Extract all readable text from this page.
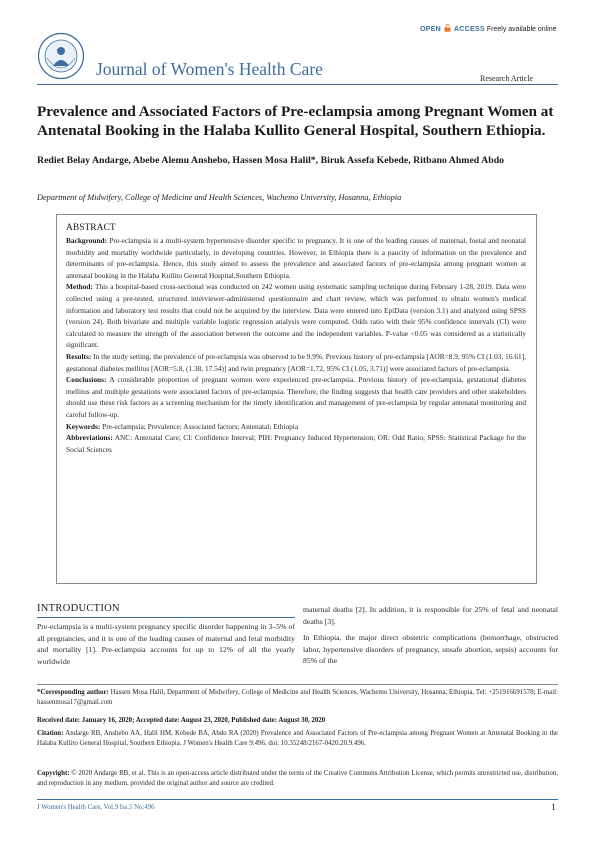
Journal of Women's Health Care
OPEN ACCESS Freely available online
Research Article
Prevalence and Associated Factors of Pre-eclampsia among Pregnant Women at Antenatal Booking in the Halaba Kullito General Hospital, Southern Ethiopia.
Rediet Belay Andarge, Abebe Alemu Anshebo, Hassen Mosa Halil*, Biruk Assefa Kebede, Ritbano Ahmed Abdo
Department of Midwifery, College of Medicine and Health Sciences, Wachemo University, Hosanna, Ethiopia
ABSTRACT

Background: Pre-eclampsia is a multi-system hypertensive disorder specific to pregnancy. It is one of the leading causes of maternal, foetal and neonatal morbidity and mortality worldwide particularly, in developing countries. However, in Ethiopia there is a paucity of information on the prevalence and determinants of pre-eclampsia. Hence, this study aimed to assess the prevalence and associated factors of pre-eclampsia among pregnant women at antenatal booking in the Halaba Kullito General Hospital,Southern Ethiopia.

Method: This a hospital-based cross-sectional was conducted on 242 women using systematic sampling technique during February 1-28, 2019. Data were collected using a pre-tested, structured interviewer-administered questionnaire and chart review, which was performed to obtain women's medical information and laboratory test results that could not be acquired by the interview. Data were entered into EpiData (version 3.1) and analyzed using SPSS (version 24). Both bivariate and multiple variable logistic regression analysis were computed. Odds ratio with their 95% confidence intervals (CI) were calculated to measure the strength of the association between the outcome and the independent variables. P-value <0.05 was considered as a statistically significant.

Results: In the study setting, the prevalence of pre-eclampsia was observed to be 9.9%. Previous history of pre-eclampsia [AOR=8.9, 95% CI (1.03, 16.61], gestational diabetes mellitus [AOR=5.8, (1.38, 17.54)] and twin pregnancy [AOR=1.72, 95% CI (1.05, 3.71)] were associated factors of pre-eclampsia.

Conclusions: A considerable proportion of pregnant women were experienced pre-eclampsia. Previous history of pre-eclampsia, gestational diabetes mellitus and multiple gestations were associated factors of pre-eclampsia. Therefore, the finding suggests that health care providers and other stakeholders should use these risk factors as a screening mechanism for the timely identification and management of pre-eclampsia by regular antenatal monitoring and careful follow-up.

Keywords: Pre-eclampsia; Prevalence; Associated factors; Antenatal; Ethiopia

Abbreviations: ANC: Antenatal Care; CI: Confidence Interval; PIH: Pregnancy Induced Hypertension; OR: Odd Ratio; SPSS: Statistical Package for the Social Sciences

INTRODUCTION

Pre-eclampsia is a multi-system pregnancy specific disorder happening in 3–5% of all pregnancies, and it is one of the leading causes of maternal and fetal morbidity and mortality [1]. Pre-eclampsia accounts for up to 12% of all the yearly worldwide

maternal deaths [2]. In addition, it is responsible for 25% of fetal and neonatal deaths [3].

In Ethiopia, the major direct obstetric complications (hemorrhage, obstructed labor, hypertensive disorders of pregnancy, unsafe abortion, sepsis) accounts for 85% of the

*Corresponding author: Hassen Mosa Halil, Department of Midwifery, College of Medicine and Health Sciences, Wachemo University, Hosanna, Ethiopia, Tel: +251916691578; E-mail: hassenmosa17@gmail.com
Received date: January 16, 2020; Accepted date: August 23, 2020, Published date: August 30, 2020
Citation: Andarge RB, Anshebo AA, Halil HM, Kebede BA, Abdo RA (2020) Prevalence and Associated Factors of Pre-eclampsia among Pregnant Women at Antenatal Booking in the Halaba Kullito General Hospital, Southern Ethiopia. J Women's Health Care 9:496. doi: 10.35248/2167-0420.20.9.496.
Copyright: © 2020 Andarge RB, et al. This is an open-access article distributed under the terms of the Creative Commons Attribution License, which permits unrestricted use, distribution, and reproduction in any medium, provided the original author and source are credited.
J Women's Health Care, Vol.9 Iss.5 No:496	1
